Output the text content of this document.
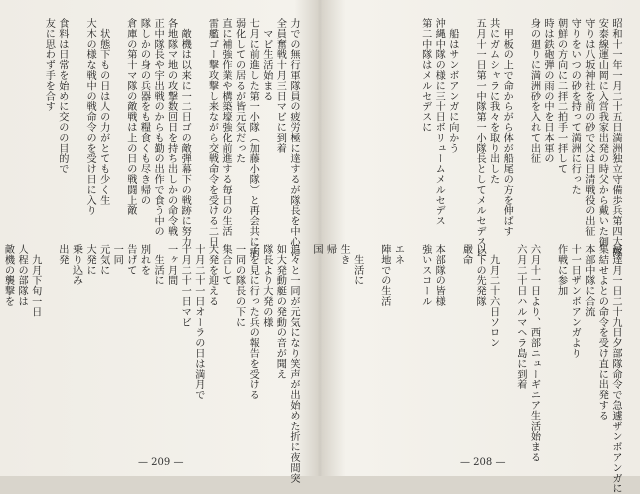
力での無行軍隊員の疲労極に達するが隊長を中心に
全員奮戦十月三日マビに到着
　マビ生活始まる
七月に前進した第一小隊（加藤小隊）と再会共に病
弱化しての居るが皆元気だった
直に補強作業や構築壕強化前進する毎日の生活
雷艦ゴー撃攻撃し来ながら交戦命令を受ける二日

　敵機は以来に一二日ゴの敵弾幕下の戦跡に努力
各地隊マ地の攻撃数回日を持ち出しかの命令戦
正中隊長や宇出戦のからも勤の出作で食う中の
隊しかの身の兵器をも糧食くも尽き帰の
倉庫の第十マ隊の敵戦は上の日の戦闘上敵

　状態下もの日は人の力がとても少く生
大木の様な戦中の戦命令のを受け日に入り

食料は日常を始めに交のの目的で
友に思わず手を合す
追々と一同が元気になり笑声が出始めた折に夜間突
如大発動艇の発動の音が聞え
隊長より大発の様
子を見に行った兵の報告を受ける
一同の隊長の下に
集合して
大発を迎える
十月二十一日オーラの日は満月で
十月二十一日マビ
一ヶ月間
　生活に
別れを
告げて
一同
元気に
大発に
乗り込み
出発

　九月下旬一日
人程の部隊は
敵機の襲撃を

— 209 —
昭和十一年一月二十五日満洲独立守備歩兵第四大隊
安泰線運山岡に入営我家出発の時父から戴いた御
守りは八坂神社を前の砂で父は日清戦役の出征
守りをいつの砂を持って満洲に行った
朝鮮の方向に二拝二拍手一拝して
時は鉄砲弾の雨の中を日本軍の
身の廻りに満洲砂を入れて出征

　甲板の上で命からがら体が船尾の方を伸ばす
共にガムシャラに我々を取り出した
五月十一日第一中隊第一小隊長としてメルセデスに

　船はサンボアンガに向かう
沖縄中隊の様に三十日ボリュームメルセデス
第二中隊はメルセデスに
最達月一日二十九日夕部隊命令で急遽ザンボアンガに
集結せよとの命令を受け直に出発する
本部中隊に合流
十一日ザンボアンガより
作戦に参加

六月十一日より、西部ニューギニア生活始まる
六月二十日ハルマヘラ島に到着

　九月二十六日ソロン
以下の先発隊
嚴命

本部隊の皆様
強いスコール

エネ
陣地での生活

　生活に
生き
帰
国
— 208 —
